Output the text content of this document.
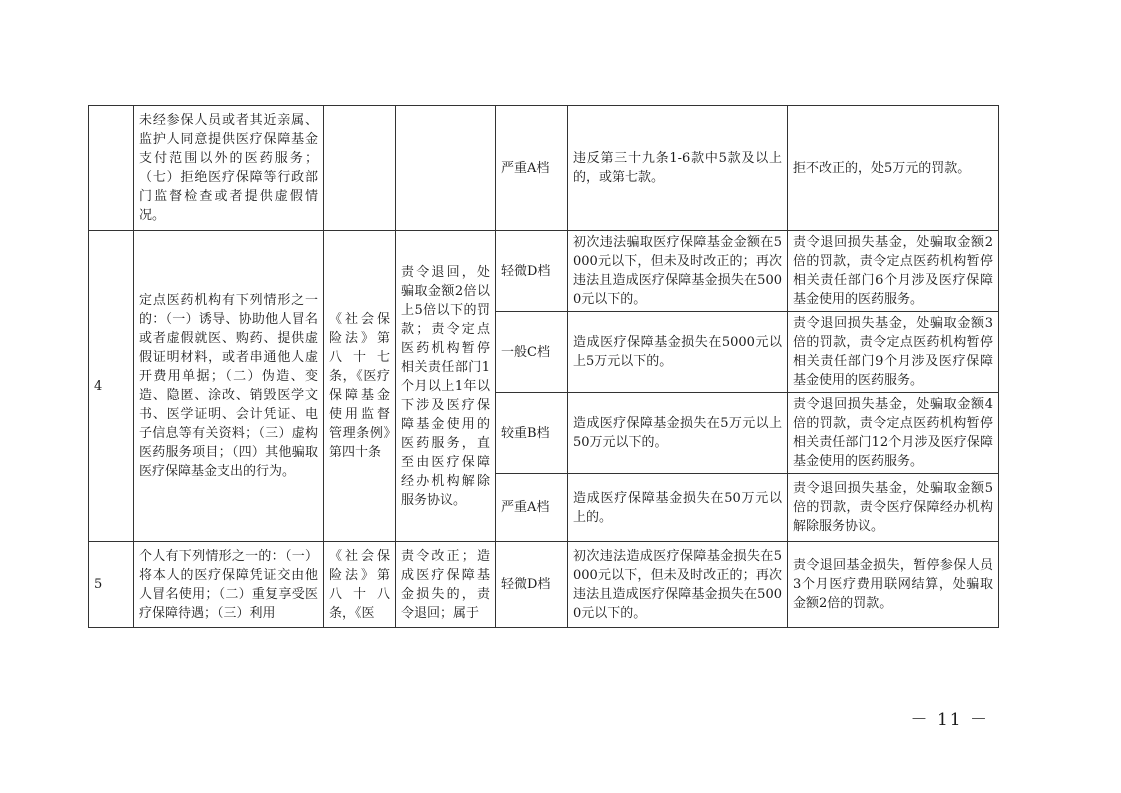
	未经参保人员或者其近亲属、监护人同意提供医疗保障基金支付范围以外的医药服务；（七）拒绝医疗保障等行政部门监督检查或者提供虚假情况。			严重A档	违反第三十九条1-6款中5款及以上的，或第七款。	拒不改正的，处5万元的罚款。
4	定点医药机构有下列情形之一的：（一）诱导、协助他人冒名或者虚假就医、购药、提供虚假证明材料，或者串通他人虚开费用单据；（二）伪造、变造、隐匿、涂改、销毁医学文书、医学证明、会计凭证、电子信息等有关资料；（三）虚构医药服务项目；（四）其他骗取医疗保障基金支出的行为。	《社会保险法》第八十七条，《医疗保障基金使用监督管理条例》第四十条	责令退回，处骗取金额2倍以上5倍以下的罚款；责令定点医药机构暂停相关责任部门1个月以上1年以下涉及医疗保障基金使用的医药服务，直至由医疗保障经办机构解除服务协议。	轻微D档	初次违法骗取医疗保障基金金额在5000元以下，但未及时改正的；再次违法且造成医疗保障基金损失在5000元以下的。	责令退回损失基金，处骗取金额2倍的罚款，责令定点医药机构暂停相关责任部门6个月涉及医疗保障基金使用的医药服务。
				一般C档	造成医疗保障基金损失在5000元以上5万元以下的。	责令退回损失基金，处骗取金额3倍的罚款，责令定点医药机构暂停相关责任部门9个月涉及医疗保障基金使用的医药服务。
				较重B档	造成医疗保障基金损失在5万元以上50万元以下的。	责令退回损失基金，处骗取金额4倍的罚款，责令定点医药机构暂停相关责任部门12个月涉及医疗保障基金使用的医药服务。
				严重A档	造成医疗保障基金损失在50万元以上的。	责令退回损失基金，处骗取金额5倍的罚款，责令医疗保障经办机构解除服务协议。
5	个人有下列情形之一的：（一）将本人的医疗保障凭证交由他人冒名使用；（二）重复享受医疗保障待遇；（三）利用	《社会保险法》第八十八条，《医	责令改正；造成医疗保障基金损失的，责令退回；属于	轻微D档	初次违法造成医疗保障基金损失在5000元以下，但未及时改正的；再次违法且造成医疗保障基金损失在5000元以下的。	责令退回基金损失，暂停参保人员3个月医疗费用联网结算，处骗取金额2倍的罚款。
－ 11 －
